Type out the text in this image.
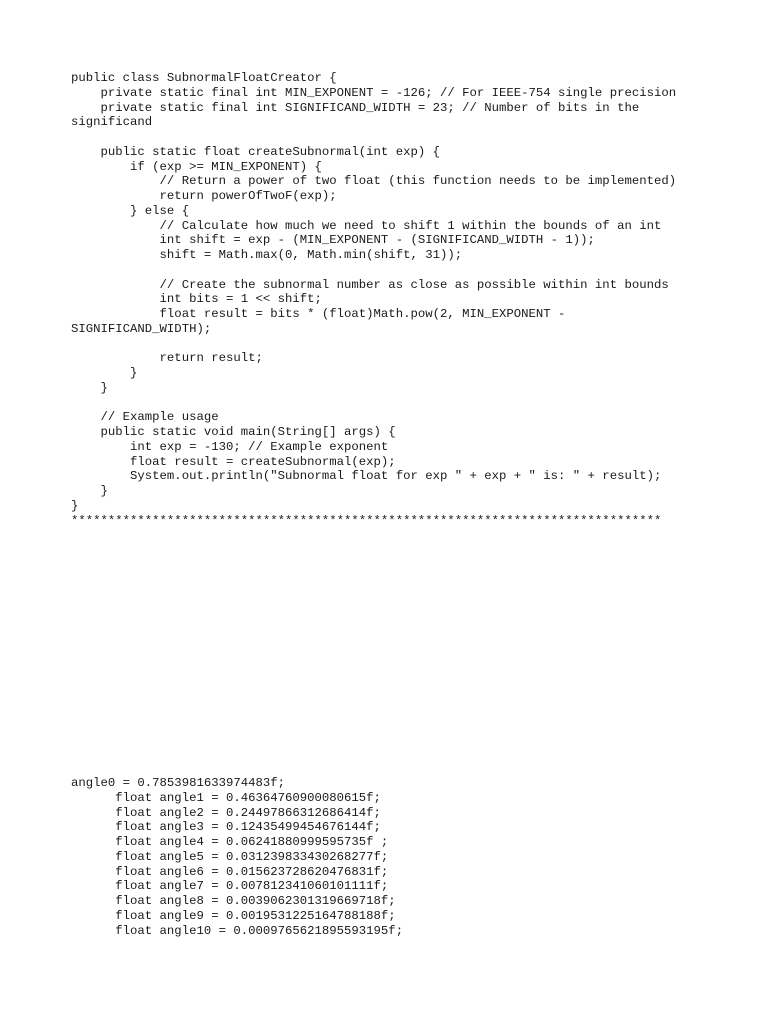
public class SubnormalFloatCreator {
private static final int MIN_EXPONENT = -126; // For IEEE-754 single precision
private static final int SIGNIFICAND_WIDTH = 23; // Number of bits in the
significand
public static float createSubnormal(int exp) {
if (exp >= MIN_EXPONENT) {
// Return a power of two float (this function needs to be implemented)
return powerOfTwoF(exp);
} else {
// Calculate how much we need to shift 1 within the bounds of an int
int shift = exp - (MIN_EXPONENT - (SIGNIFICAND_WIDTH - 1));
shift = Math.max(0, Math.min(shift, 31));
// Create the subnormal number as close as possible within int bounds
int bits = 1 << shift;
float result = bits * (float)Math.pow(2, MIN_EXPONENT -
SIGNIFICAND_WIDTH);
return result;
}
}
// Example usage
public static void main(String[] args) {
int exp = -130; // Example exponent
float result = createSubnormal(exp);
System.out.println("Subnormal float for exp " + exp + " is: " + result);
}
}
********************************************************************************
angle0 = 0.7853981633974483f;
float angle1 = 0.46364760900080615f;
float angle2 = 0.24497866312686414f;
float angle3 = 0.12435499454676144f;
float angle4 = 0.06241880999595735f ;
float angle5 = 0.031239833430268277f;
float angle6 = 0.015623728620476831f;
float angle7 = 0.007812341060101111f;
float angle8 = 0.0039062301319669718f;
float angle9 = 0.0019531225164788188f;
float angle10 = 0.0009765621895593195f;
